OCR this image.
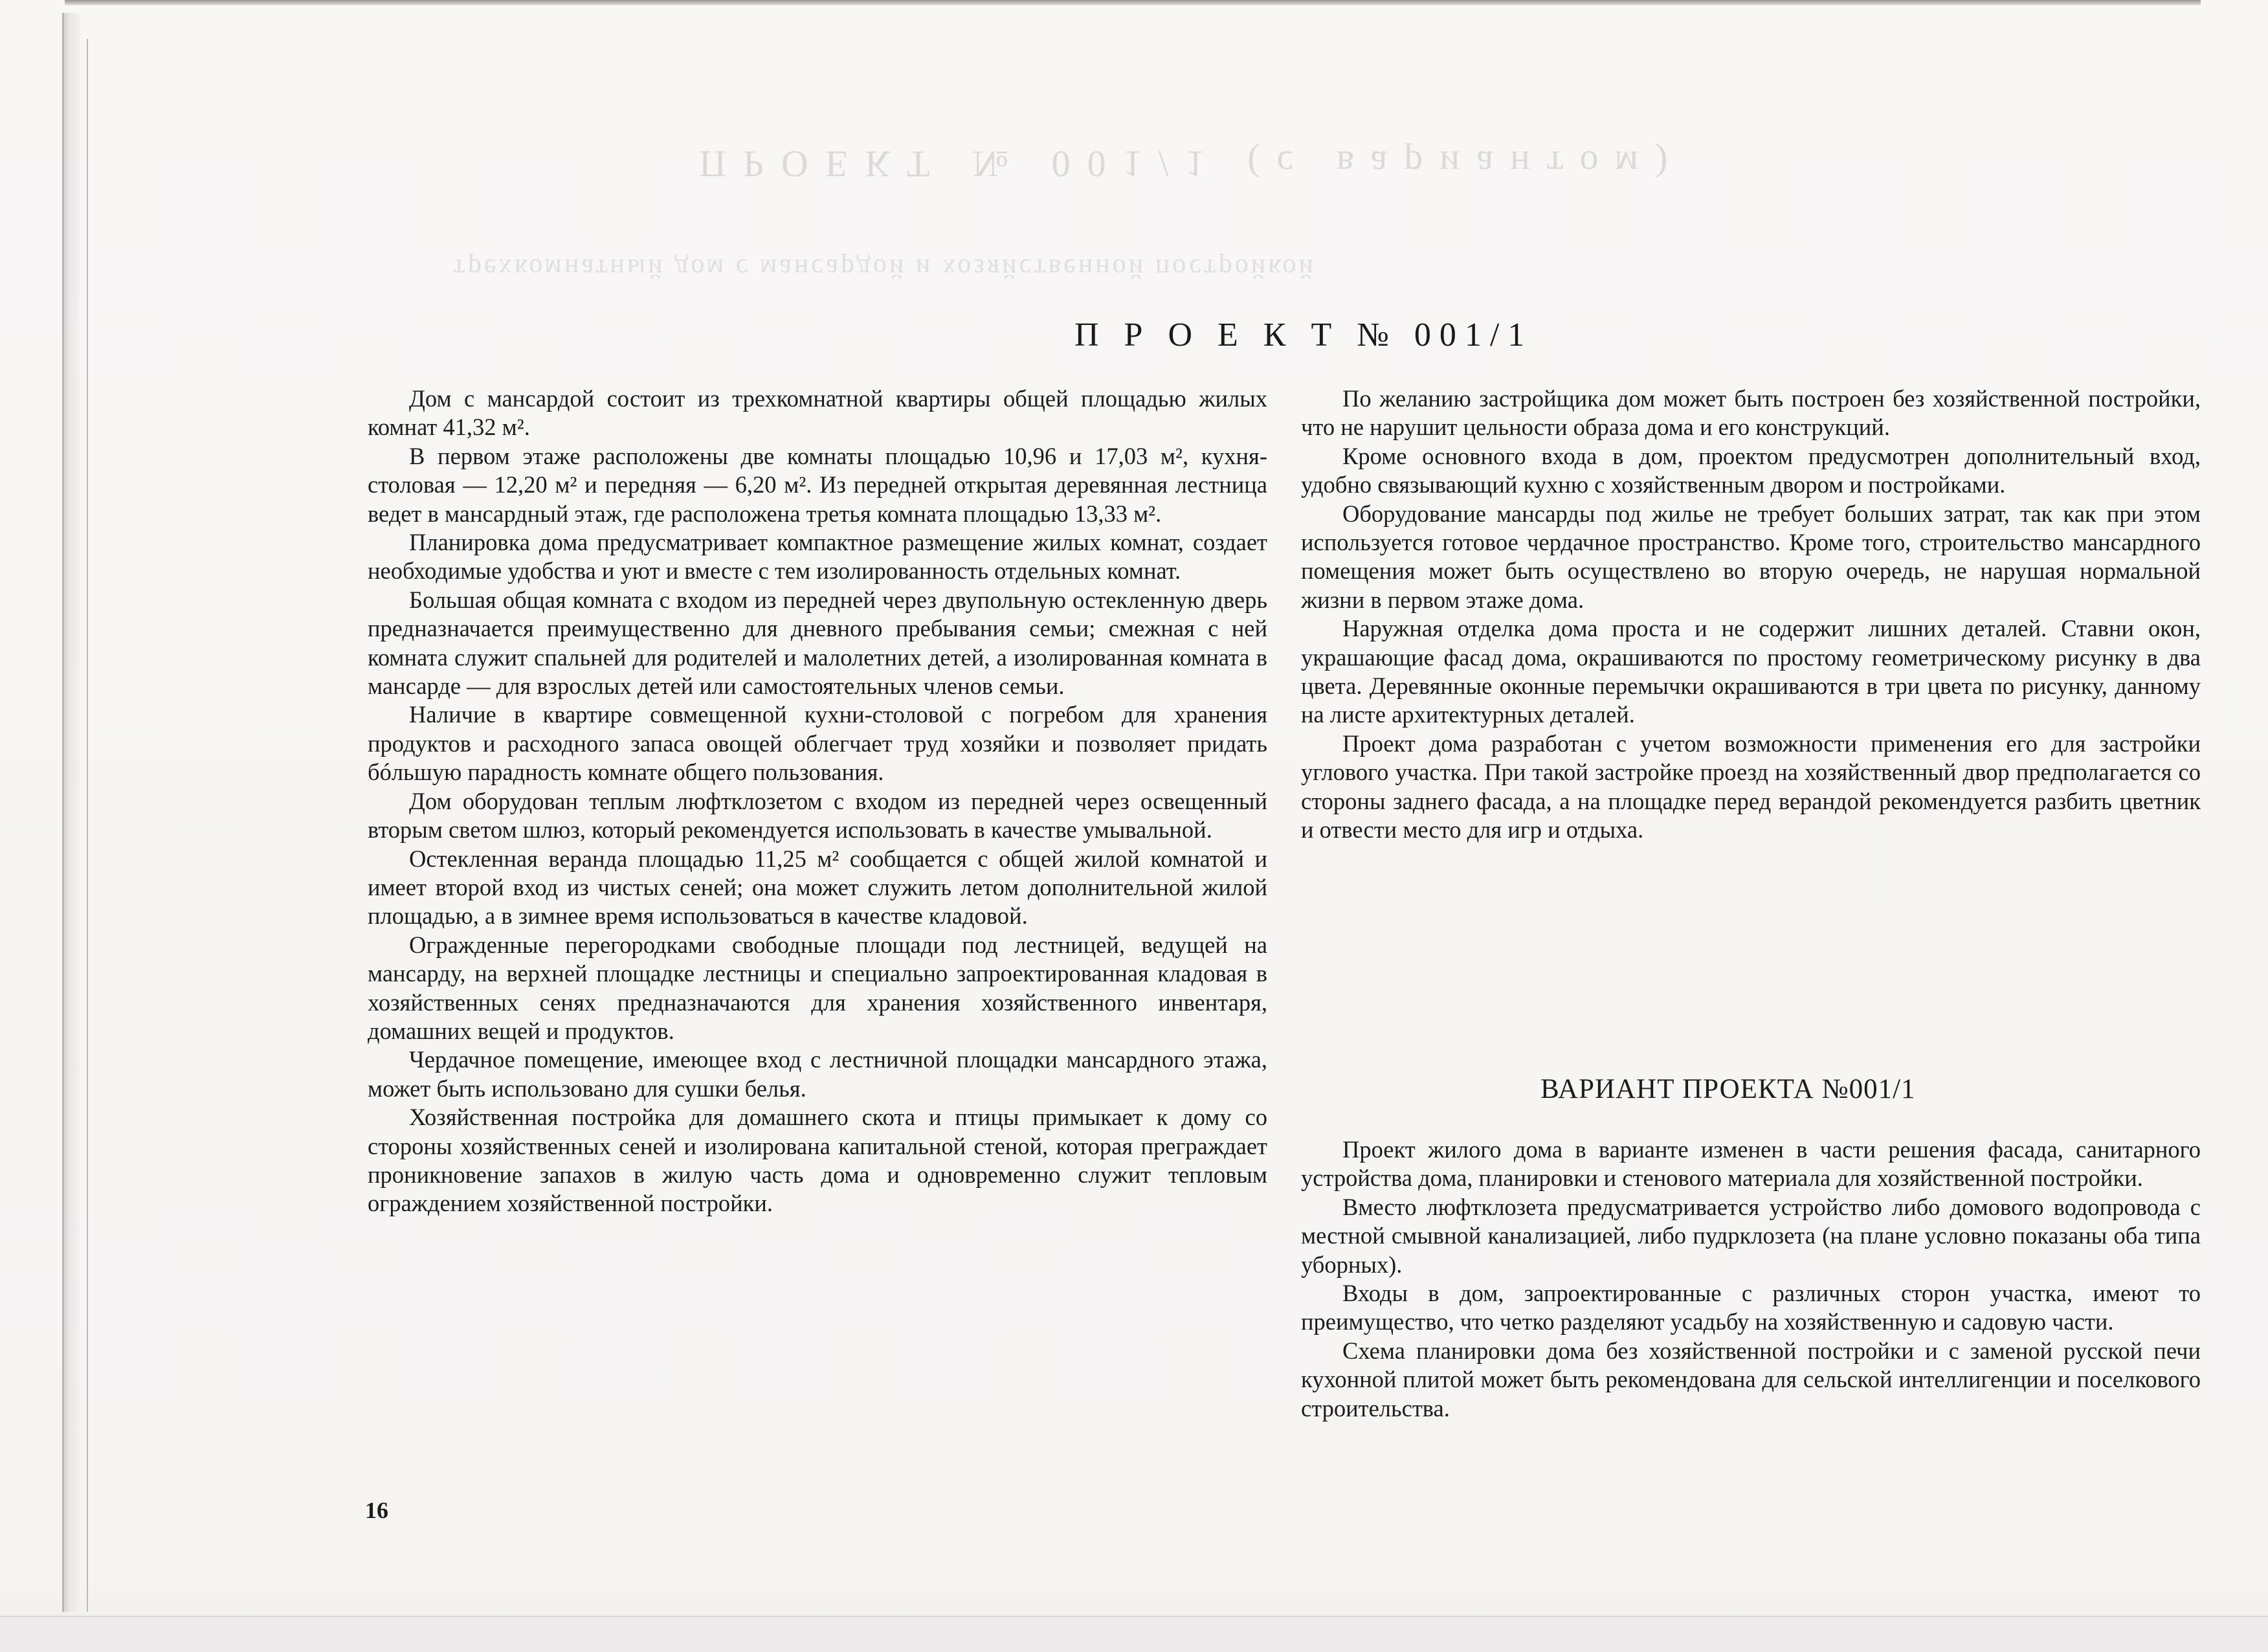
ПРОЕКТ № 001/1 (с вариантом)
трехкомнатный дом с мансардой и хозяйственной постройкой
П Р О Е К Т № 001/1

Дом с мансардой состоит из трехкомнатной квартиры общей площадью жилых комнат 41,32 м².

В первом этаже расположены две комнаты площадью 10,96 и 17,03 м², кухня-столовая — 12,20 м² и передняя — 6,20 м². Из передней открытая деревянная лестница ведет в мансардный этаж, где расположена третья комната площадью 13,33 м².

Планировка дома предусматривает компактное размещение жилых комнат, создает необходимые удобства и уют и вместе с тем изолированность отдельных комнат.

Большая общая комната с входом из передней через двупольную остекленную дверь предназначается преимущественно для дневного пребывания семьи; смежная с ней комната служит спальней для родителей и малолетних детей, а изолированная комната в мансарде — для взрослых детей или самостоятельных членов семьи.

Наличие в квартире совмещенной кухни-столовой с погребом для хранения продуктов и расходного запаса овощей облегчает труд хозяйки и позволяет придать бóльшую парадность комнате общего пользования.

Дом оборудован теплым люфтклозетом с входом из передней через освещенный вторым светом шлюз, который рекомендуется использовать в качестве умывальной.

Остекленная веранда площадью 11,25 м² сообщается с общей жилой комнатой и имеет второй вход из чистых сеней; она может служить летом дополнительной жилой площадью, а в зимнее время использоваться в качестве кладовой.

Огражденные перегородками свободные площади под лестницей, ведущей на мансарду, на верхней площадке лестницы и специально запроектированная кладовая в хозяйственных сенях предназначаются для хранения хозяйственного инвентаря, домашних вещей и продуктов.

Чердачное помещение, имеющее вход с лестничной площадки мансардного этажа, может быть использовано для сушки белья.

Хозяйственная постройка для домашнего скота и птицы примыкает к дому со стороны хозяйственных сеней и изолирована капитальной стеной, которая преграждает проникновение запахов в жилую часть дома и одновременно служит тепловым ограждением хозяйственной постройки.

По желанию застройщика дом может быть построен без хозяйственной постройки, что не нарушит цельности образа дома и его конструкций.

Кроме основного входа в дом, проектом предусмотрен дополнительный вход, удобно связывающий кухню с хозяйственным двором и постройками.

Оборудование мансарды под жилье не требует больших затрат, так как при этом используется готовое чердачное пространство. Кроме того, строительство мансардного помещения может быть осуществлено во вторую очередь, не нарушая нормальной жизни в первом этаже дома.

Наружная отделка дома проста и не содержит лишних деталей. Ставни окон, украшающие фасад дома, окрашиваются по простому геометрическому рисунку в два цвета. Деревянные оконные перемычки окрашиваются в три цвета по рисунку, данному на листе архитектурных деталей.

Проект дома разработан с учетом возможности применения его для застройки углового участка. При такой застройке проезд на хозяйственный двор предполагается со стороны заднего фасада, а на площадке перед верандой рекомендуется разбить цветник и отвести место для игр и отдыха.

ВАРИАНТ ПРОЕКТА №001/1

Проект жилого дома в варианте изменен в части решения фасада, санитарного устройства дома, планировки и стенового материала для хозяйственной постройки.

Вместо люфтклозета предусматривается устройство либо домового водопровода с местной смывной канализацией, либо пудрклозета (на плане условно показаны оба типа уборных).

Входы в дом, запроектированные с различных сторон участка, имеют то преимущество, что четко разделяют усадьбу на хозяйственную и садовую части.

Схема планировки дома без хозяйственной постройки и с заменой русской печи кухонной плитой может быть рекомендована для сельской интеллигенции и поселкового строительства.

16
